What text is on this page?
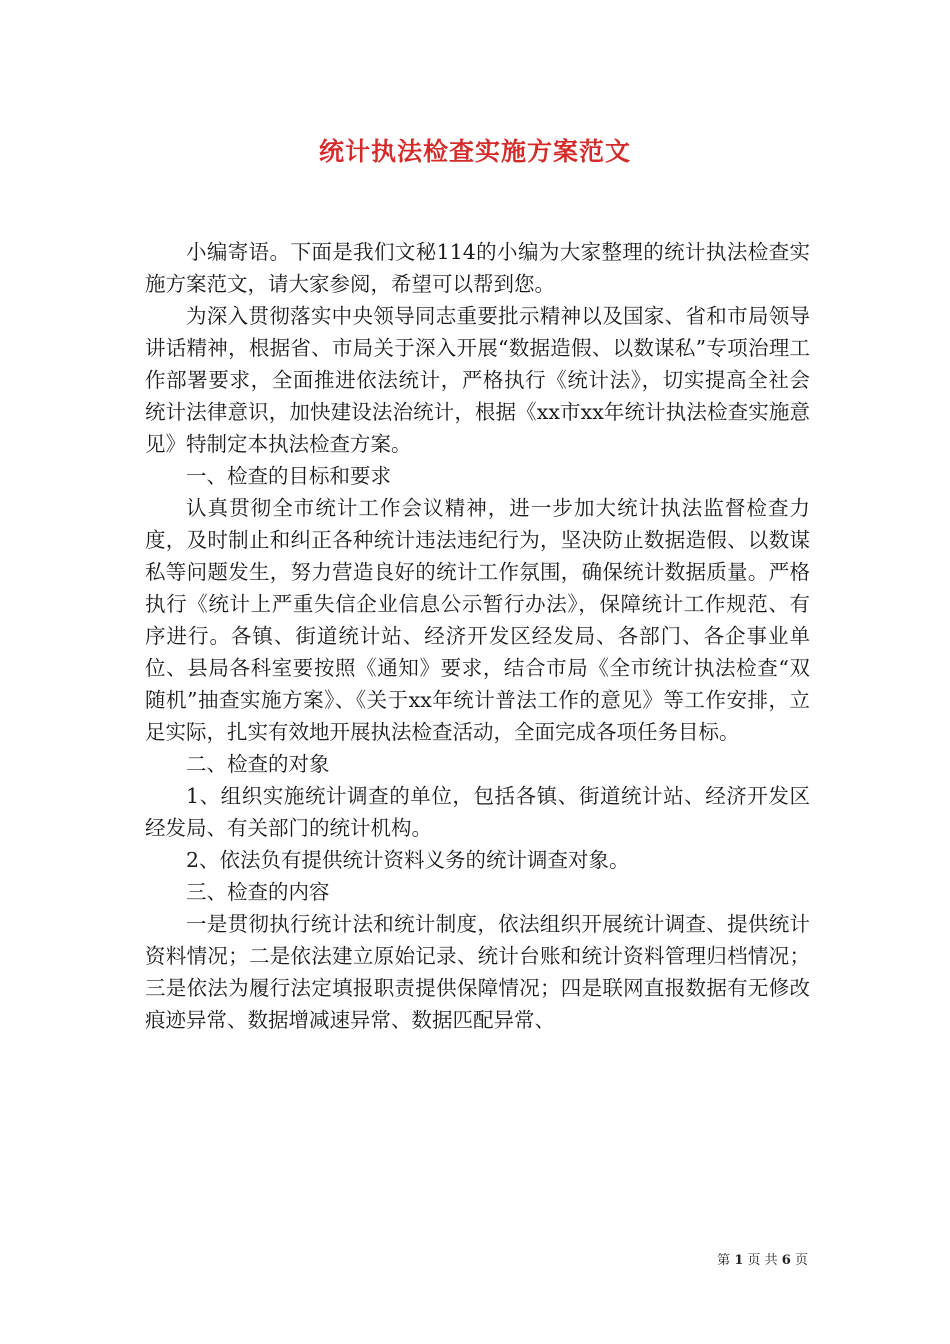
统计执法检查实施方案范文

小编寄语。下面是我们文秘114的小编为大家整理的统计执法检查实施方案范文，请大家参阅，希望可以帮到您。

为深入贯彻落实中央领导同志重要批示精神以及国家、省和市局领导讲话精神，根据省、市局关于深入开展“数据造假、以数谋私”专项治理工作部署要求，全面推进依法统计，严格执行《统计法》，切实提高全社会统计法律意识，加快建设法治统计，根据《xx市xx年统计执法检查实施意见》特制定本执法检查方案。

一、检查的目标和要求

认真贯彻全市统计工作会议精神，进一步加大统计执法监督检查力度，及时制止和纠正各种统计违法违纪行为，坚决防止数据造假、以数谋私等问题发生，努力营造良好的统计工作氛围，确保统计数据质量。严格执行《统计上严重失信企业信息公示暂行办法》，保障统计工作规范、有序进行。各镇、街道统计站、经济开发区经发局、各部门、各企事业单位、县局各科室要按照《通知》要求，结合市局《全市统计执法检查“双随机”抽查实施方案》、《关于xx年统计普法工作的意见》等工作安排，立足实际，扎实有效地开展执法检查活动，全面完成各项任务目标。

二、检查的对象

1、组织实施统计调查的单位，包括各镇、街道统计站、经济开发区经发局、有关部门的统计机构。

2、依法负有提供统计资料义务的统计调查对象。

三、检查的内容

一是贯彻执行统计法和统计制度，依法组织开展统计调查、提供统计资料情况；二是依法建立原始记录、统计台账和统计资料管理归档情况；三是依法为履行法定填报职责提供保障情况；四是联网直报数据有无修改痕迹异常、数据增减速异常、数据匹配异常、

第 1 页 共 6 页
